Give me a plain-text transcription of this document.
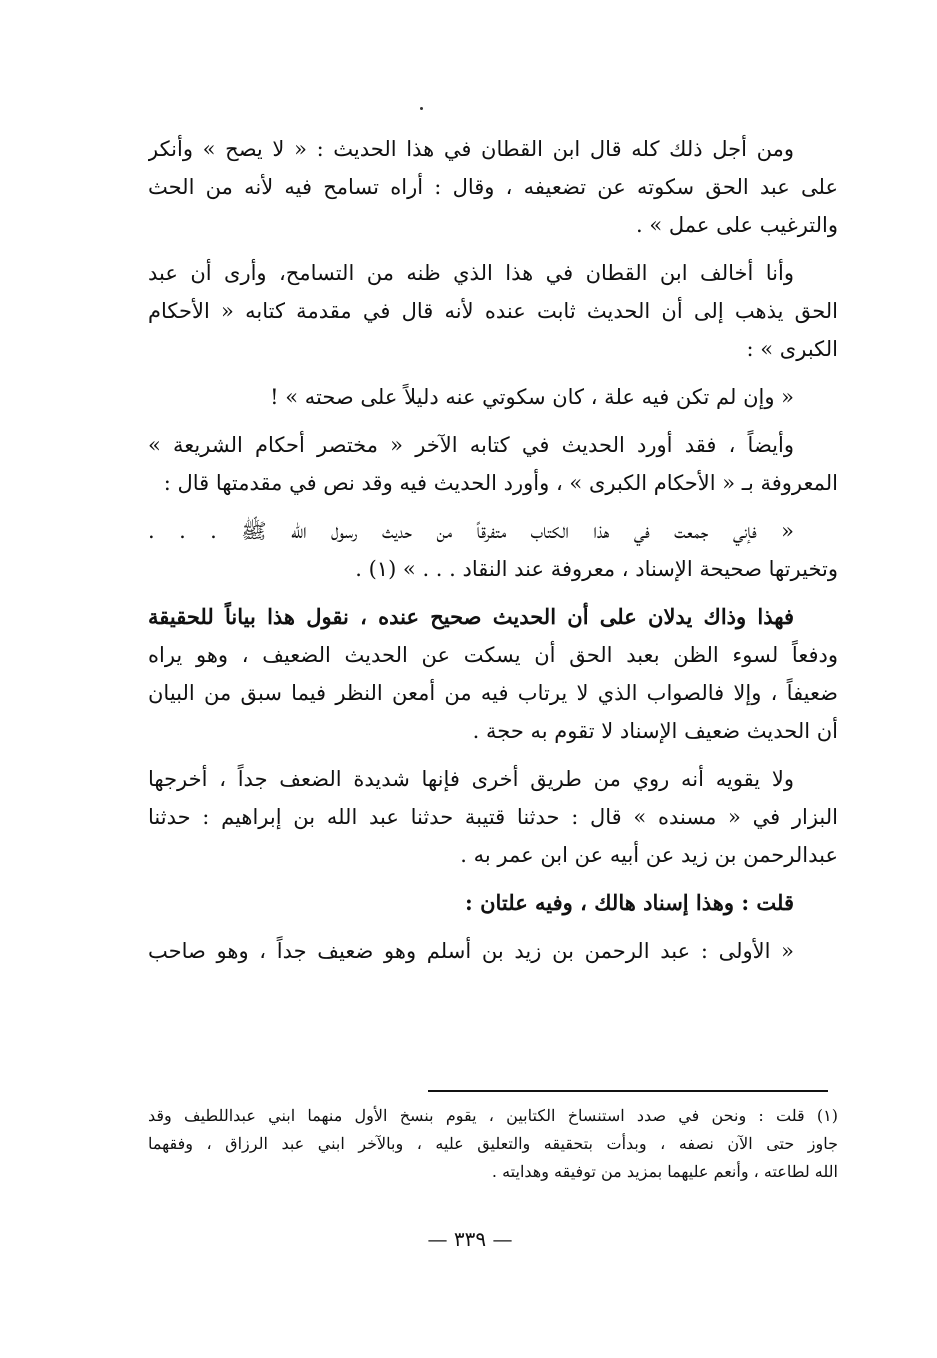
ومن أجل ذلك كله قال ابن القطان في هذا الحديث : « لا يصح » وأنكر
على عبد الحق سكوته عن تضعيفه ، وقال : أراه تسامح فيه لأنه من الحث
والترغيب على عمل » .
وأنا أخالف ابن القطان في هذا الذي ظنه من التسامح، وأرى أن عبد
الحق يذهب إلى أن الحديث ثابت عنده لأنه قال في مقدمة كتابه « الأحكام
الكبرى » :
« وإن لم تكن فيه علة ، كان سكوتي عنه دليلاً على صحته » !
وأيضاً ، فقد أورد الحديث في كتابه الآخر « مختصر أحكام الشريعة »
المعروفة بـ « الأحكام الكبرى » ، وأورد الحديث فيه وقد نص في مقدمتها قال :
« فإني جمعت في هذا الكتاب متفرقاً من حديث رسول الله ﷺ . . .
وتخيرتها صحيحة الإسناد ، معروفة عند النقاد . . . » (١) .
فهذا وذاك يدلان على أن الحديث صحيح عنده ، نقول هذا بياناً للحقيقة
ودفعاً لسوء الظن بعبد الحق أن يسكت عن الحديث الضعيف ، وهو يراه
ضعيفاً ، وإلا فالصواب الذي لا يرتاب فيه من أمعن النظر فيما سبق من البيان
أن الحديث ضعيف الإسناد لا تقوم به حجة .
ولا يقويه أنه روي من طريق أخرى فإنها شديدة الضعف جداً ، أخرجها
البزار في « مسنده » قال : حدثنا قتيبة حدثنا عبد الله بن إبراهيم : حدثنا
عبدالرحمن بن زيد عن أبيه عن ابن عمر به .
قلت : وهذا إسناد هالك ، وفيه علتان :
« الأولى : عبد الرحمن بن زيد بن أسلم وهو ضعيف جداً ، وهو صاحب
(١) قلت : ونحن في صدد استنساخ الكتابين ، يقوم بنسخ الأول منهما ابني عبداللطيف وقد
جاوز حتى الآن نصفه ، وبدأت بتحقيقه والتعليق عليه ، وبالآخر ابني عبد الرزاق ، وفقهما
الله لطاعته ، وأنعم عليهما بمزيد من توفيقه وهدايته .
— ٣٣٩ —
